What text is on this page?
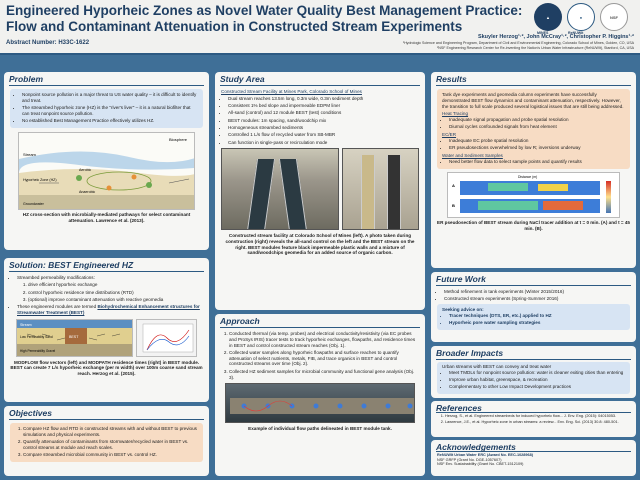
Engineered Hyporheic Zones as Novel Water Quality Best Management Practice:
Flow and Contaminant Attenuation in Constructed Stream Experiments
Abstract Number: H33C-1622
▲
MINES
●
ReNUWIt
NSF
Skuyler Herzog¹·², John McCray¹·², Christopher P. Higgins¹·²
¹Hydrologic Science and Engineering Program, Department of Civil and Environmental Engineering, Colorado School of Mines, Golden, CO, USA
²NSF Engineering Research Center for Re-inventing the Nation's Urban Water Infrastructure (ReNUWIt), Stanford, CA, USA
Problem
• Nonpoint source pollution is a major threat to US water quality – it is difficult to identify and treat.
• The streambed hyporheic zone (HZ) is the "river's liver" – it is a natural biofilter that can treat nonpoint source pollution.
• No established Best Management Practice effectively utilizes HZ.
Biosphere
Stream
Hyporheic Zone (HZ)
Aerobic
Anaerobic
Groundwater
HZ cross-section with microbially-mediated pathways for select contaminant attenuation. Lawrence et al. (2013).
Solution: BEST Engineered HZ
• Streambed permeability modifications:
1. drive efficient hyporheic exchange
2. control hyporheic residence time distributions (RTD)
3. (optional) improve contaminant attenuation with reactive geomedia
• These engineered modules are termed Biohydrochemical Enhancement structures for Streamwater Treatment (BEST)
Stream
Low Permeability Sand
High Permeability Gravel
BEST
MODFLOW flow vectors (left) and MODPATH residence times (right) in BEST module. BEST can create 7 L/s hyporheic exchange (per m width) over 100m coarse sand stream reach. Herzog et al. (2015).
Objectives
1. Compare HZ flow and RTD in constructed streams with and without BEST to previous simulations and physical experiments.
2. Quantify attenuation of contaminants from stormwater/recycled water in BEST vs. control streams at module and reach scales.
3. Compare streambed microbial community in BEST vs. control HZ.
Study Area
Constructed Stream Facility at Mines Park, Colorado School of Mines
• Dual stream reaches 13.5m long, 0.3m wide, 0.3m sediment depth
• Consistent 1% bed slope and impermeable EDPM liner
• All-sand (control) and 12 module BEST (test) conditions
• BEST modules: 1m spacing, sand/woodchip mix
• Homogeneous streambed sediments
• Controlled 1 L/s flow of recycled water from SB-MBR
• Can function in single-pass or recirculation mode
Constructed stream facility at Colorado School of Mines (left). A photo taken during construction (right) reveals the all-sand control on the left and the BEST stream on the right. BEST modules feature black impermeable plastic walls and a mixture of sand/woodchips geomedia for an added source of organic carbon.
Approach
1. Conducted thermal (via temp. probes) and electrical conductivity/resistivity (via EC probes and ProSys IRIS) tracer tests to track hyporheic exchanges, flowpaths, and residence times in BEST and control constructed stream reaches (Obj. 1).
2. Collected water samples along hyporheic flowpaths and surface reaches to quantify attenuation of select nutrients, metals, FIB, and trace organics in BEST and control constructed streams over time (Obj. 2).
3. Collected HZ sediment samples for microbial community and functional gene analysis (Obj. 3).
Example of individual flow paths delineated in BEST module tank.
Results
Tank dye experiments and geomedia column experiments have successfully demonstrated BEST flow dynamics and contaminant attenuation, respectively. However, the transition to full scale produced several logistical issues that are still being addressed.
Heat Tracing
• Inadequate signal propagation and probe spatial resolution
• Diurnal cycles confounded signals from heat element
EC/ER
• Inadequate EC probe spatial resolution
• ER pseudosections overwhelmed by low R; inversions underway
Water and Sediment Samples
• Need better flow data to select sample points and quantify results
Distance (m)
A
B
ER pseudosection of BEST stream during NaCl tracer addition at t = 0 min. (A) and t = 45 min. (B).
Future Work
• Method refinement in tank experiments (Winter 2015/2016)
• Constructed stream experiments (Spring-Summer 2016)
Seeking advice on:
• Tracer techniques (DTS, ER, etc.) applied to HZ
• Hyporheic pore water sampling strategies
Broader Impacts
Urban streams with BEST can convey and treat water
• Meet TMDLs for nonpoint source pollution: water is cleaner exiting cities than entering
• Improve urban habitat, greenspace, & recreation
• Complementary to other Low Impact Development practices
References
1. Herzog, S., et al. Engineered streambeds for induced hyporheic flow... J. Env. Eng. (2015): 04015053.
2. Lawrence, J.E., et al. Hyporheic zone in urban streams: a review... Env. Eng. Sci. (2013) 30.8: 480-501.
Acknowledgements
ReNUWIt Urban Water ERC (Award No. EEC-1028968)
NSF GRFP (Grant No. DGE-1057607)
NSF Env. Sustainability (Grant No. CBET-1512109)
